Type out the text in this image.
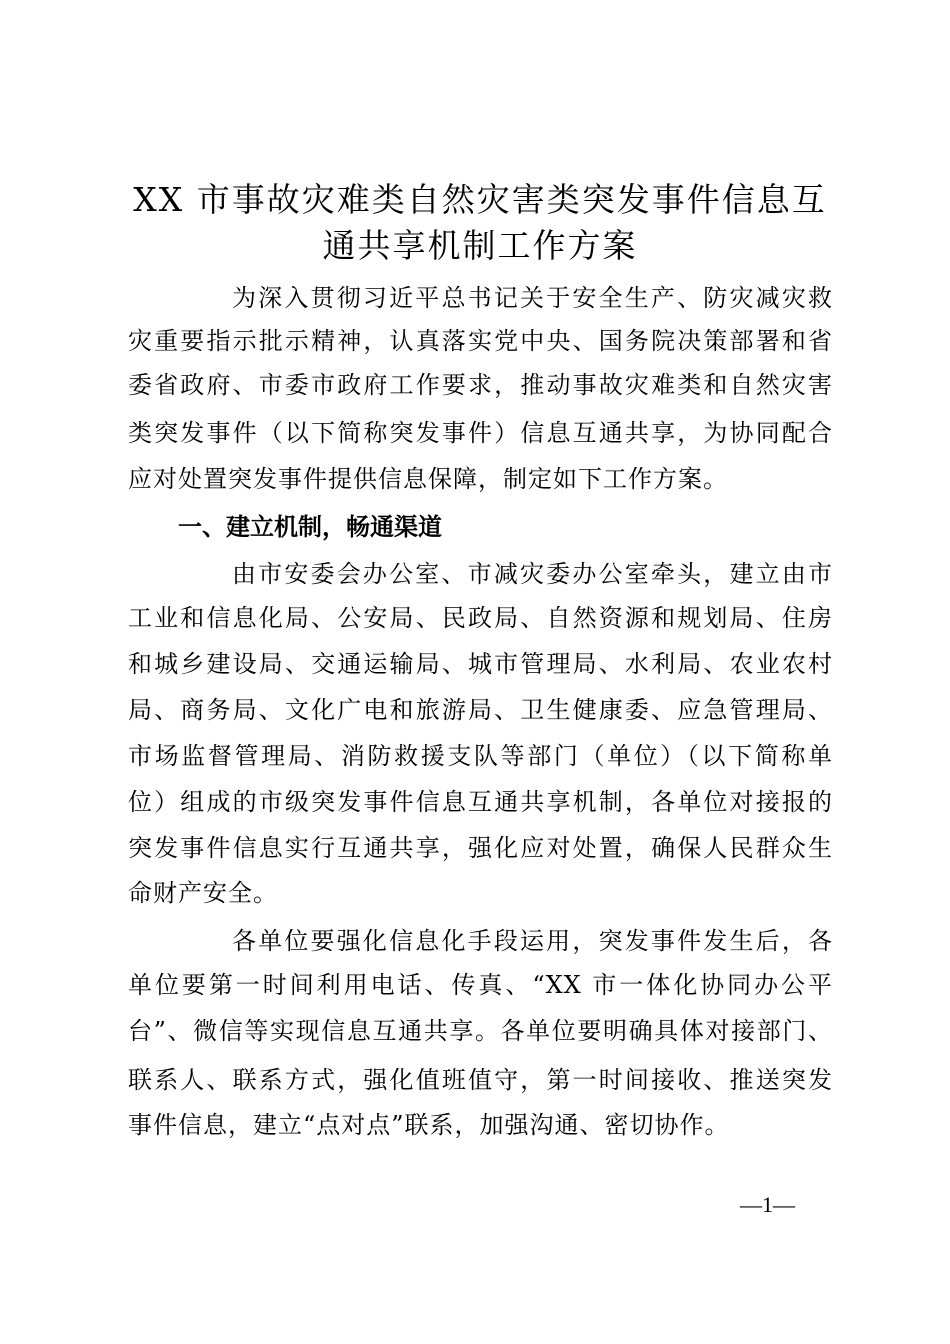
XX 市事故灾难类自然灾害类突发事件信息互
通共享机制工作方案
为深入贯彻习近平总书记关于安全生产、防灾减灾救
灾重要指示批示精神，认真落实党中央、国务院决策部署和省
委省政府、市委市政府工作要求，推动事故灾难类和自然灾害
类突发事件（以下简称突发事件）信息互通共享，为协同配合
应对处置突发事件提供信息保障，制定如下工作方案。
一、建立机制，畅通渠道
由市安委会办公室、市减灾委办公室牵头，建立由市
工业和信息化局、公安局、民政局、自然资源和规划局、住房
和城乡建设局、交通运输局、城市管理局、水利局、农业农村
局、商务局、文化广电和旅游局、卫生健康委、应急管理局、
市场监督管理局、消防救援支队等部门（单位）（以下简称单
位）组成的市级突发事件信息互通共享机制，各单位对接报的
突发事件信息实行互通共享，强化应对处置，确保人民群众生
命财产安全。
各单位要强化信息化手段运用，突发事件发生后，各
单位要第一时间利用电话、传真、“XX 市一体化协同办公平
台”、微信等实现信息互通共享。各单位要明确具体对接部门、
联系人、联系方式，强化值班值守，第一时间接收、推送突发
事件信息，建立“点对点”联系，加强沟通、密切协作。
—1—
